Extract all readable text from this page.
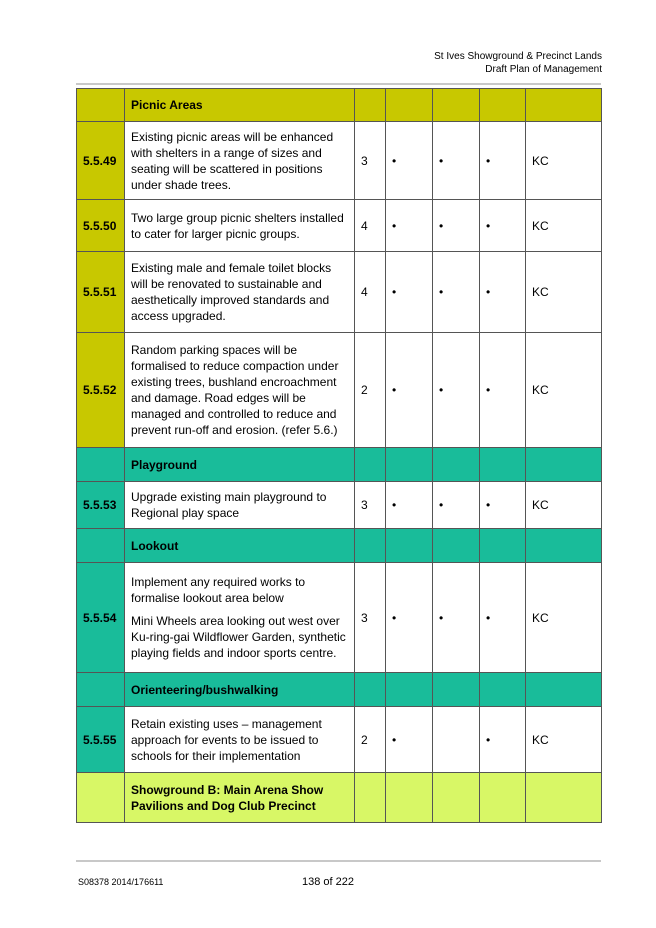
St Ives Showground & Precinct Lands
Draft Plan of Management

	Picnic Areas					

5.5.49	Existing picnic areas will be enhanced with shelters in a range of sizes and seating will be scattered in positions under shade trees.	3	•	•	•	KC
5.5.50	Two large group picnic shelters installed to cater for larger picnic groups.	4	•	•	•	KC
5.5.51	Existing male and female toilet blocks will be renovated to sustainable and aesthetically improved standards and access upgraded.	4	•	•	•	KC
5.5.52	Random parking spaces will be formalised to reduce compaction under existing trees, bushland encroachment and damage. Road edges will be managed and controlled to reduce and prevent run-off and erosion. (refer 5.6.)	2	•	•	•	KC

	Playground					

5.5.53	Upgrade existing main playground to Regional play space	3	•	•	•	KC

	Lookout					

5.5.54	Implement any required works to formalise lookout area below

Mini Wheels area looking out west over Ku-ring-gai Wildflower Garden, synthetic playing fields and indoor sports centre.	3	•	•	•	KC

	Orienteering/bushwalking					

5.5.55	Retain existing uses – management approach for events to be issued to schools for their implementation	2	•		•	KC

	Showground B: Main Arena Show Pavilions and Dog Club Precinct					

S08378 2014/176611	138 of 222
